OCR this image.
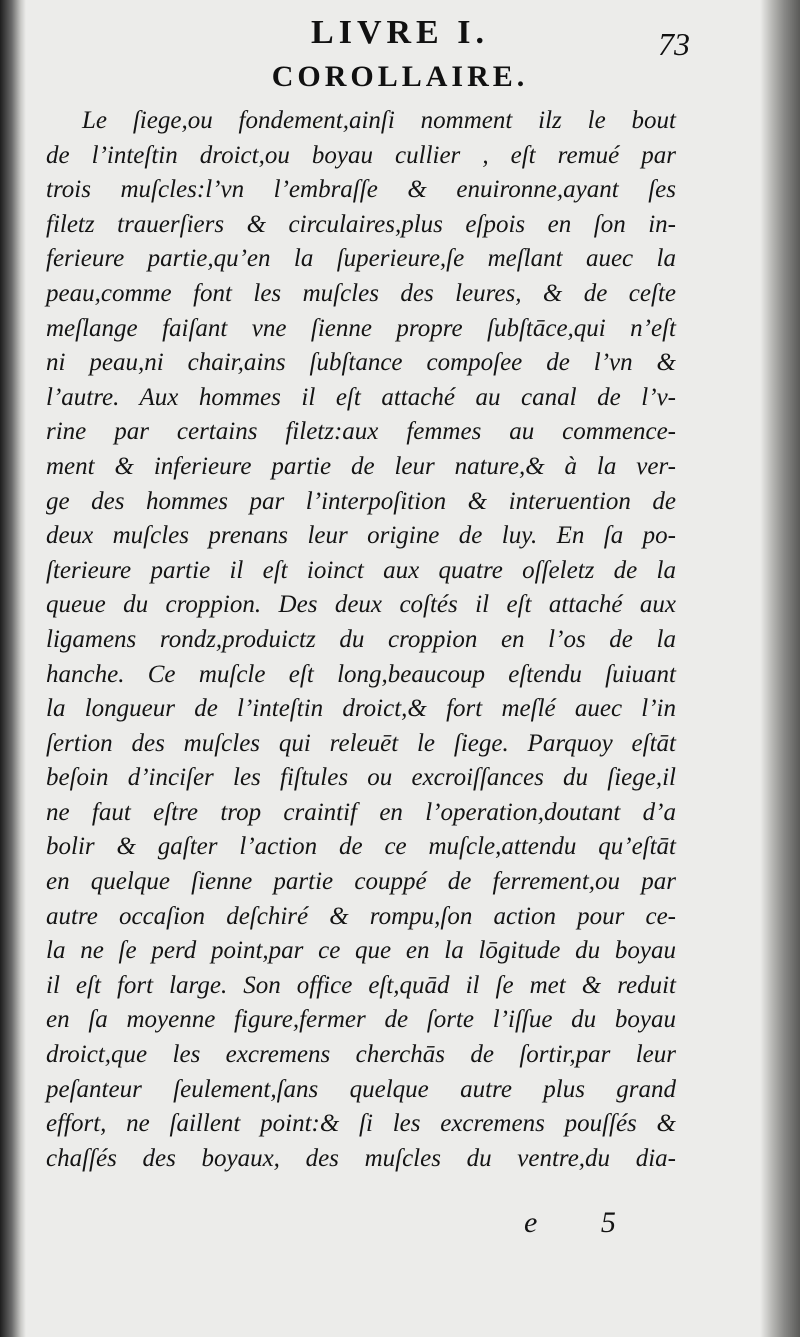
LIVRE I.	73
COROLLAIRE.
Le ſiege,ou fondement,ainſi nomment ilz le bout
de l’inteſtin droict,ou boyau cullier , eſt remué par
trois muſcles:l’vn l’embraſſe & enuironne,ayant ſes
filetz trauerſiers & circulaires,plus eſpois en ſon in-
ferieure partie,qu’en la ſuperieure,ſe meſlant auec la
peau,comme font les muſcles des leures, & de ceſte
meſlange faiſant vne ſienne propre ſubſtāce,qui n’eſt
ni peau,ni chair,ains ſubſtance compoſee de l’vn &
l’autre. Aux hommes il eſt attaché au canal de l’v-
rine par certains filetz:aux femmes au commence-
ment & inferieure partie de leur nature,& à la ver-
ge des hommes par l’interpoſition & interuention de
deux muſcles prenans leur origine de luy. En ſa po-
ſterieure partie il eſt ioinct aux quatre oſſeletz de la
queue du croppion. Des deux coſtés il eſt attaché aux
ligamens rondz,produictz du croppion en l’os de la
hanche. Ce muſcle eſt long,beaucoup eſtendu ſuiuant
la longueur de l’inteſtin droict,& fort meſlé auec l’in
ſertion des muſcles qui releuēt le ſiege. Parquoy eſtāt
beſoin d’inciſer les fiſtules ou excroiſſances du ſiege,il
ne faut eſtre trop craintif en l’operation,doutant d’a
bolir & gaſter l’action de ce muſcle,attendu qu’eſtāt
en quelque ſienne partie couppé de ferrement,ou par
autre occaſion deſchiré & rompu,ſon action pour ce-
la ne ſe perd point,par ce que en la lōgitude du boyau
il eſt fort large. Son office eſt,quād il ſe met & reduit
en ſa moyenne figure,fermer de ſorte l’iſſue du boyau
droict,que les excremens cherchās de ſortir,par leur
peſanteur ſeulement,ſans quelque autre plus grand
effort, ne ſaillent point:& ſi les excremens pouſſés &
chaſſés des boyaux, des muſcles du ventre,du dia-
e 5
